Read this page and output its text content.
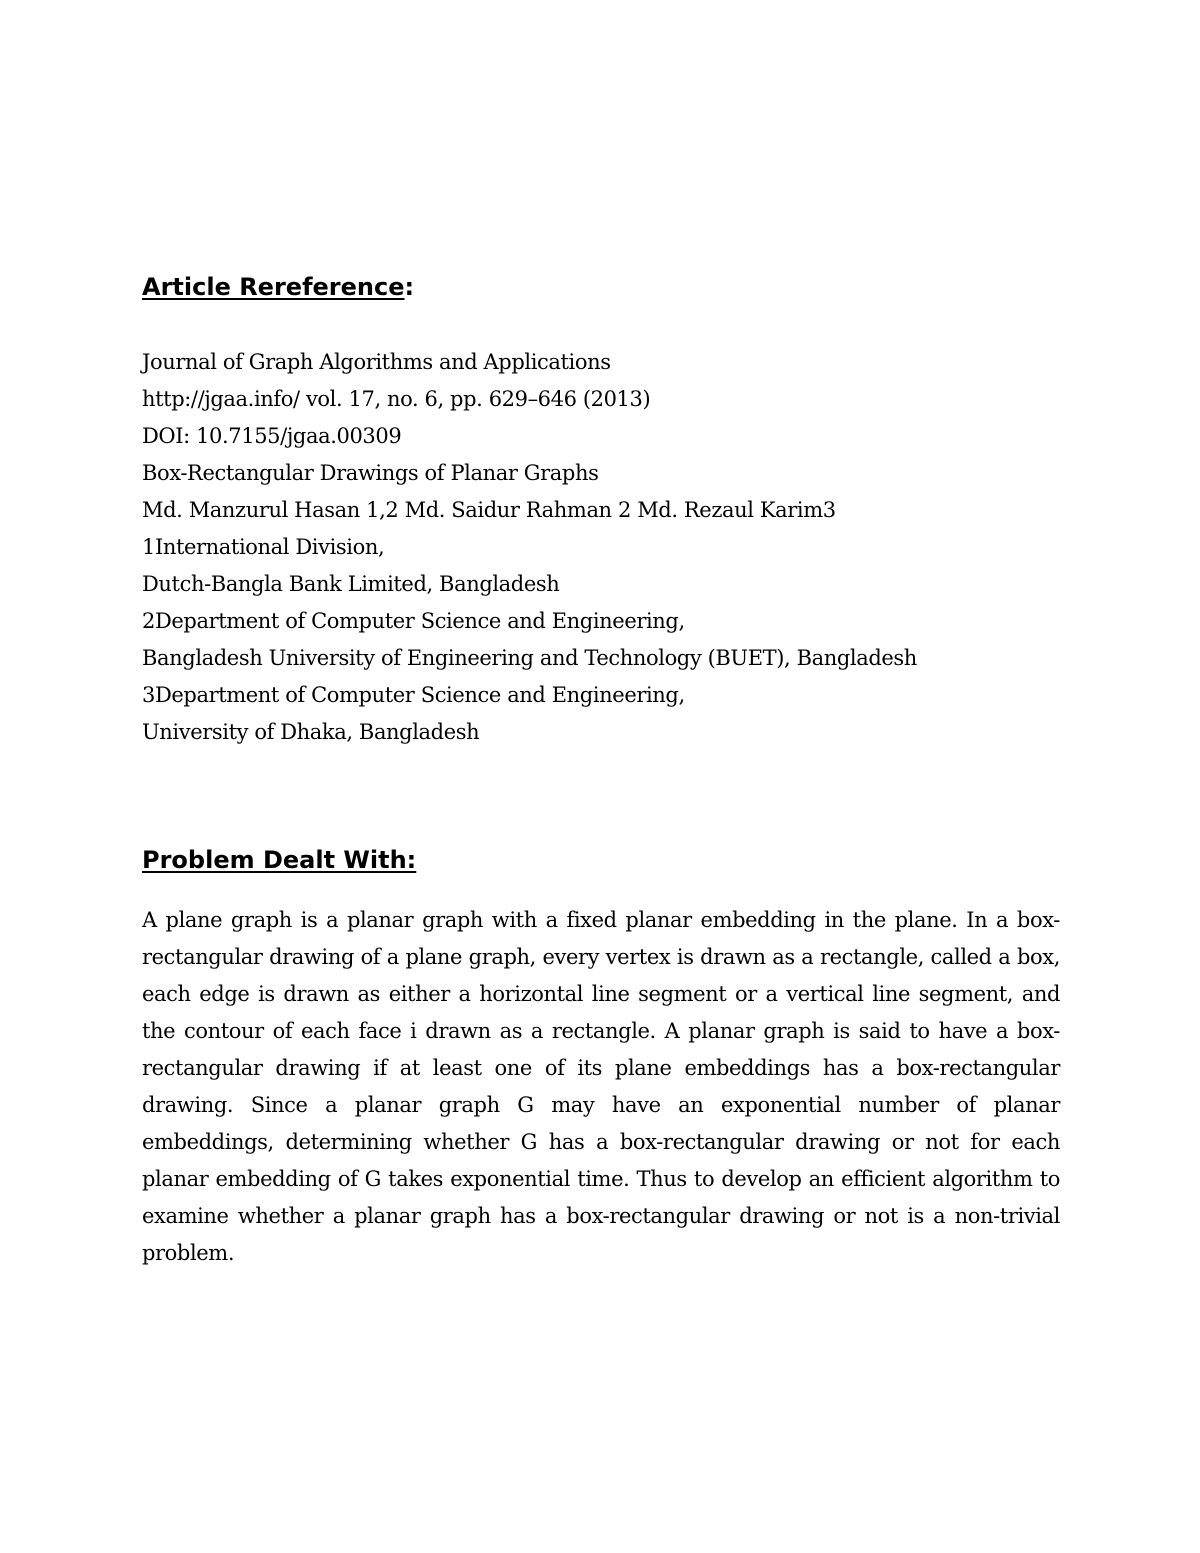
Article Rereference:
Journal of Graph Algorithms and Applications
http://jgaa.info/ vol. 17, no. 6, pp. 629–646 (2013)
DOI: 10.7155/jgaa.00309
Box-Rectangular Drawings of Planar Graphs
Md. Manzurul Hasan 1,2 Md. Saidur Rahman 2 Md. Rezaul Karim3
1International Division,
Dutch-Bangla Bank Limited, Bangladesh
2Department of Computer Science and Engineering,
Bangladesh University of Engineering and Technology (BUET), Bangladesh
3Department of Computer Science and Engineering,
University of Dhaka, Bangladesh
Problem Dealt With:

A plane graph is a planar graph with a fixed planar embedding in the plane. In a box- rectangular drawing of a plane graph, every vertex is drawn as a rectangle, called a box, each edge is drawn as either a horizontal line segment or a vertical line segment, and the contour of each face i drawn as a rectangle. A planar graph is said to have a box-rectangular drawing if at least one of its plane embeddings has a box-rectangular drawing. Since a planar graph G may have an exponential number of planar embeddings, determining whether G has a box-rectangular drawing or not for each planar embedding of G takes exponential time. Thus to develop an efficient algorithm to examine whether a planar graph has a box-rectangular drawing or not is a non-trivial problem.
